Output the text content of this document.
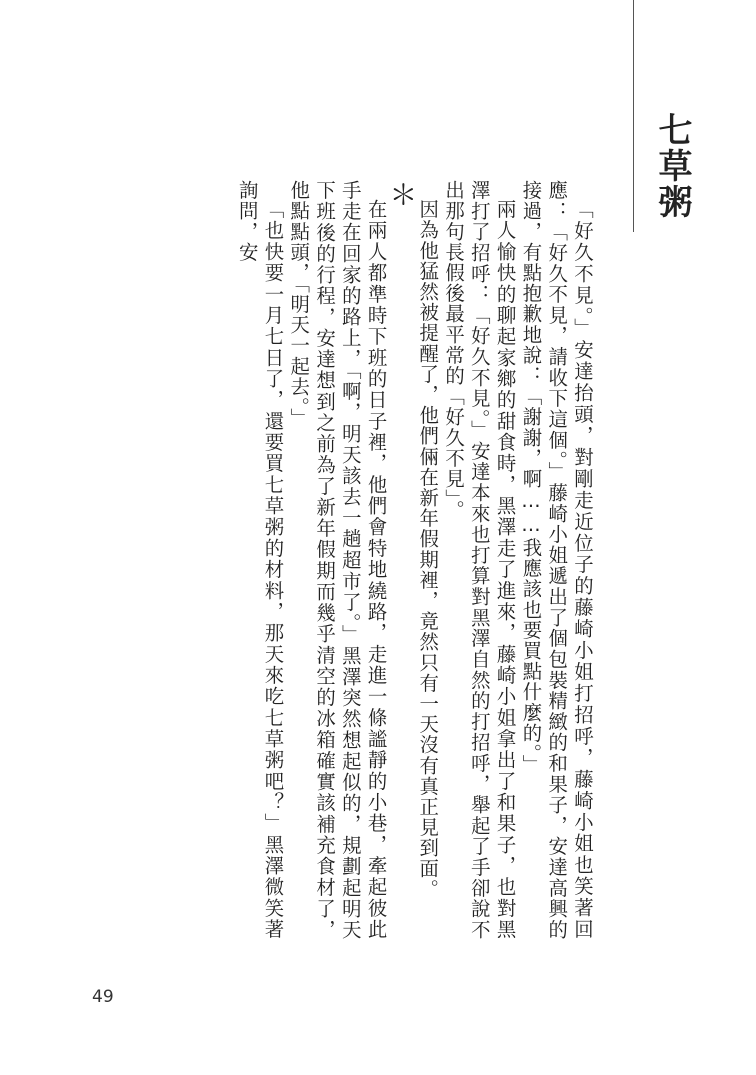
七草粥

「好久不見。」安達抬頭，對剛走近位子的藤崎小姐打招呼，藤崎小姐也笑著回應：「好久不見，請收下這個。」藤崎小姐遞出了個包裝精緻的和果子，安達高興的接過，有點抱歉地說：「謝謝，啊……我應該也要買點什麼的。」

兩人愉快的聊起家鄉的甜食時，黑澤走了進來，藤崎小姐拿出了和果子，也對黑澤打了招呼：「好久不見。」安達本來也打算對黑澤自然的打招呼，舉起了手卻說不出那句長假後最平常的「好久不見」。

因為他猛然被提醒了，他們倆在新年假期裡，竟然只有一天沒有真正見到面。

＊

在兩人都準時下班的日子裡，他們會特地繞路，走進一條謐靜的小巷，牽起彼此手走在回家的路上，「啊，明天該去一趟超市了。」黑澤突然想起似的，規劃起明天下班後的行程，安達想到之前為了新年假期而幾乎清空的冰箱確實該補充食材了，他點點頭，「明天一起去。」

「也快要一月七日了，還要買七草粥的材料，那天來吃七草粥吧？」黑澤微笑著詢問，安

49
